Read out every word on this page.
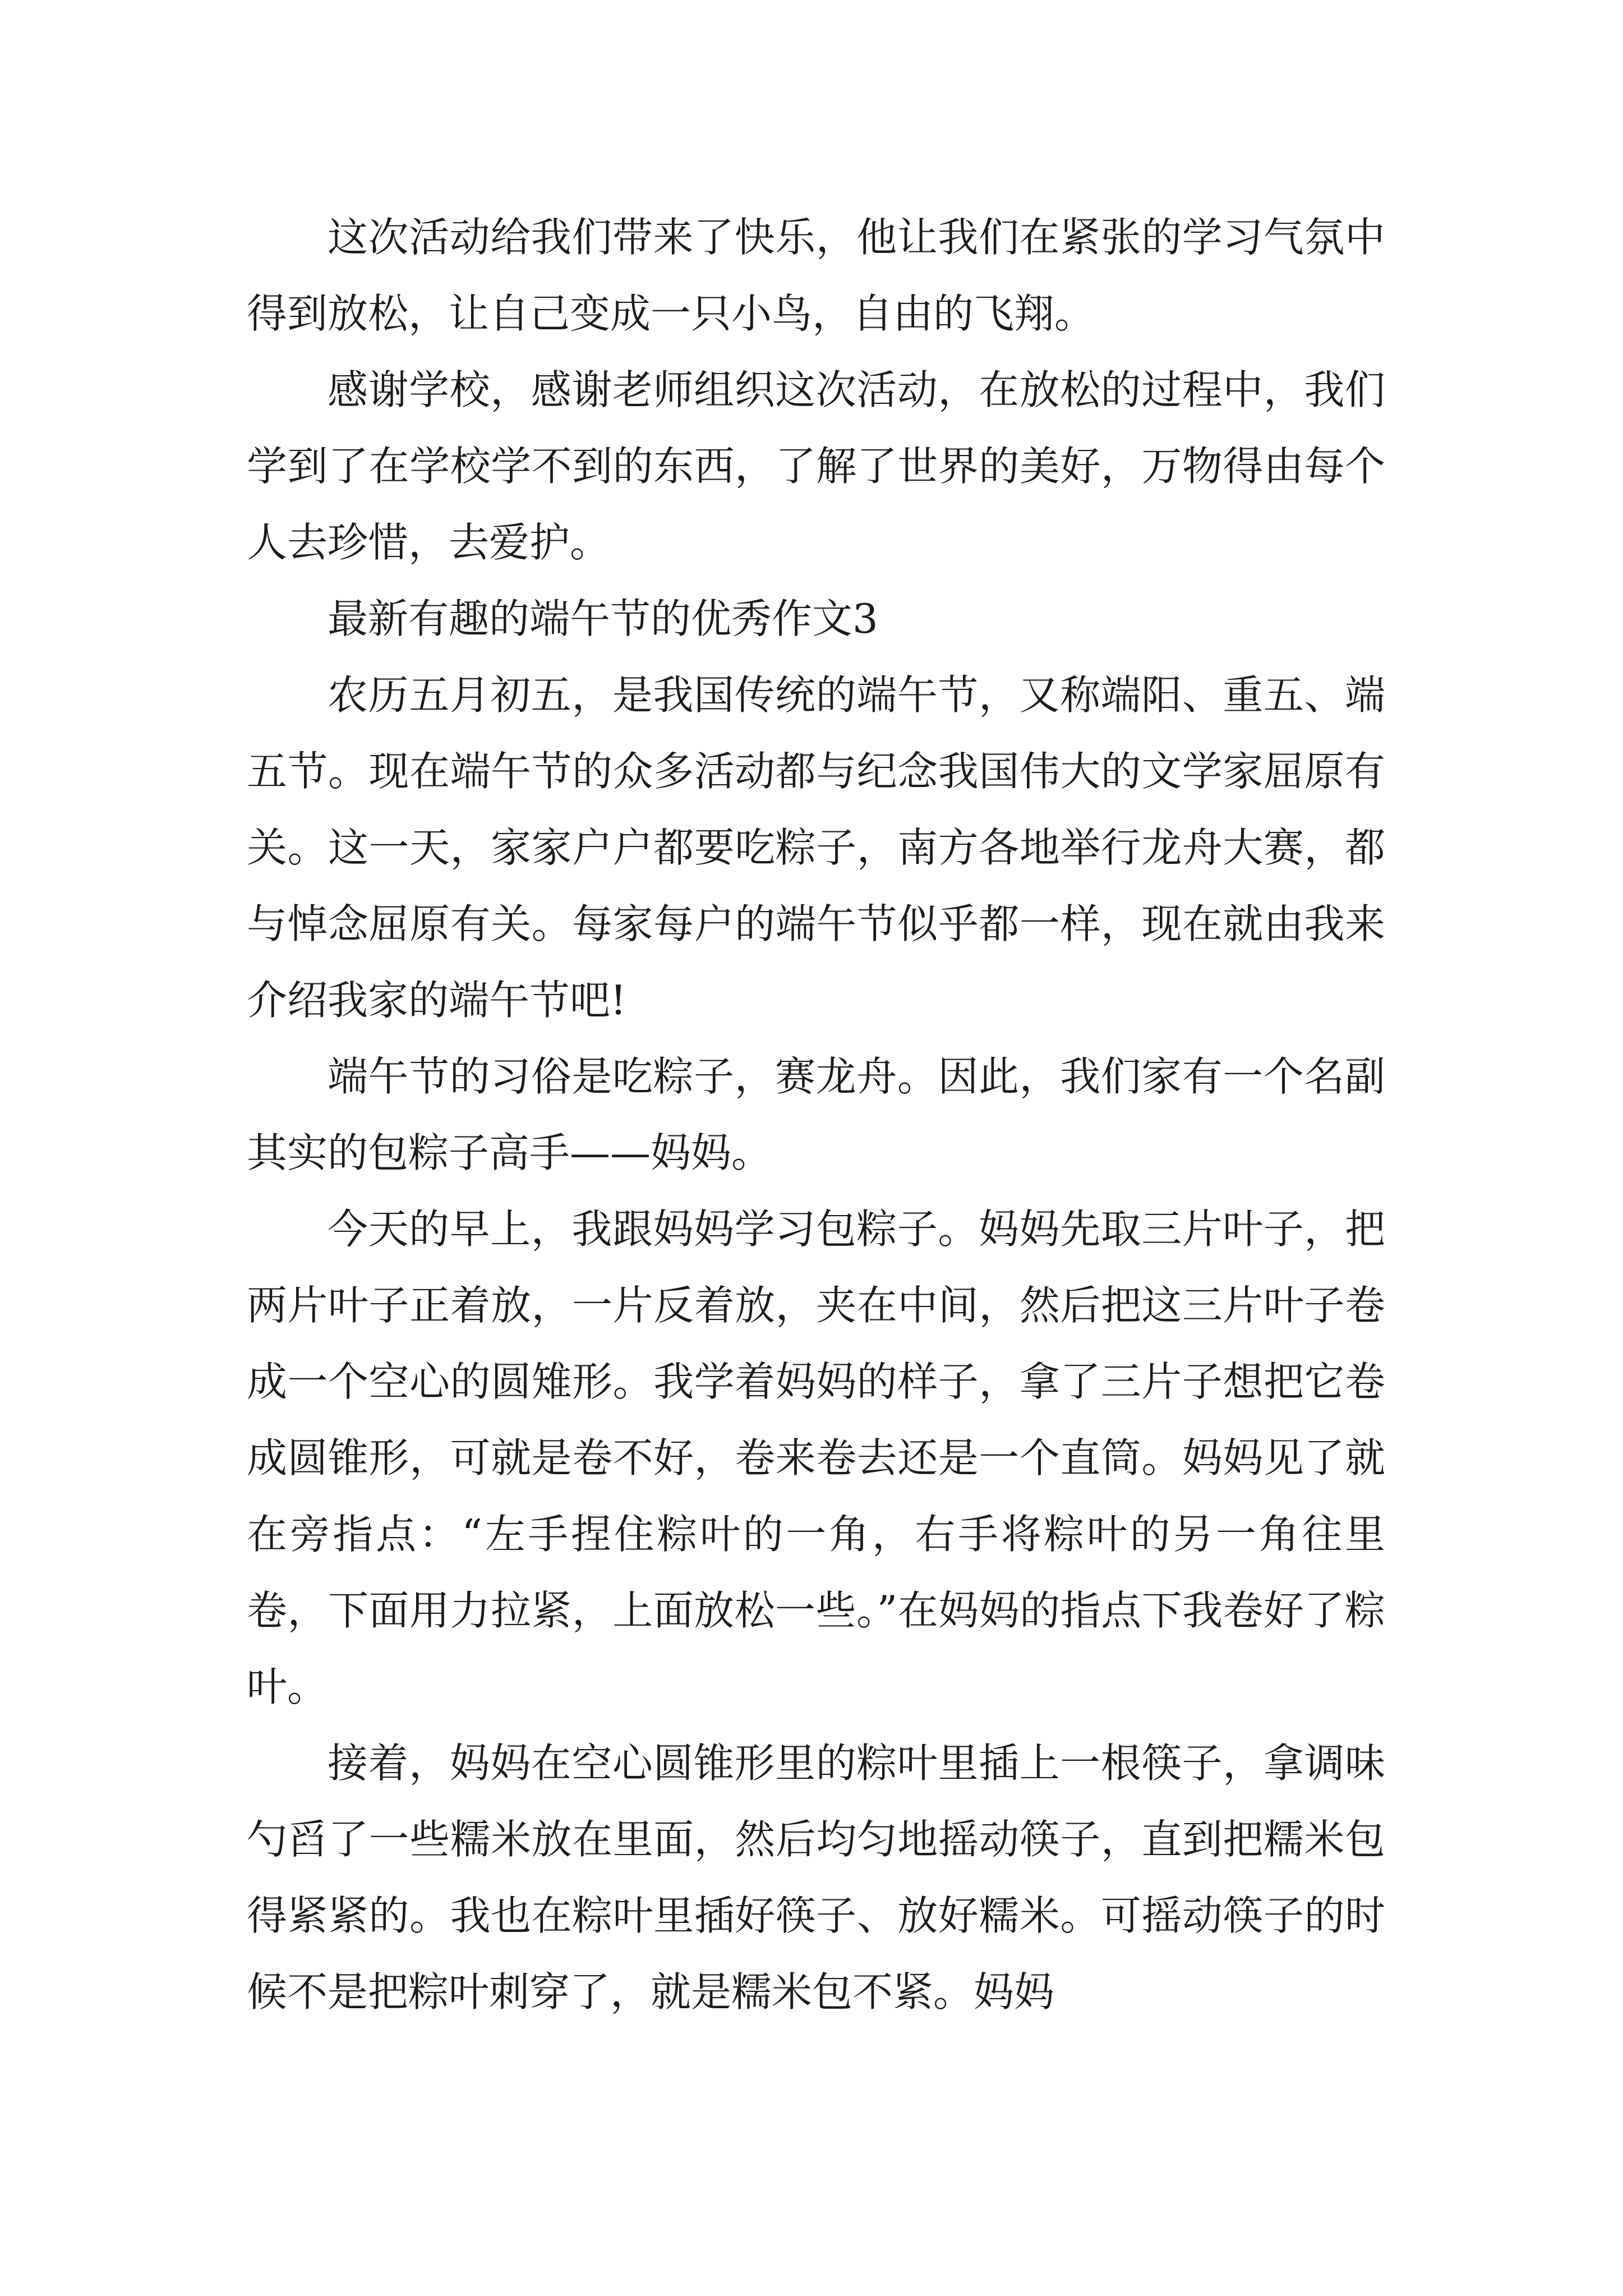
这次活动给我们带来了快乐，他让我们在紧张的学习气氛中得到放松，让自己变成一只小鸟，自由的飞翔。

感谢学校，感谢老师组织这次活动，在放松的过程中，我们学到了在学校学不到的东西，了解了世界的美好，万物得由每个人去珍惜，去爱护。

最新有趣的端午节的优秀作文3

农历五月初五，是我国传统的端午节，又称端阳、重五、端五节。现在端午节的众多活动都与纪念我国伟大的文学家屈原有关。这一天，家家户户都要吃粽子，南方各地举行龙舟大赛，都与悼念屈原有关。每家每户的端午节似乎都一样，现在就由我来介绍我家的端午节吧!

端午节的习俗是吃粽子，赛龙舟。因此，我们家有一个名副其实的包粽子高手——妈妈。

今天的早上，我跟妈妈学习包粽子。妈妈先取三片叶子，把两片叶子正着放，一片反着放，夹在中间，然后把这三片叶子卷成一个空心的圆雉形。我学着妈妈的样子，拿了三片子想把它卷成圆锥形，可就是卷不好，卷来卷去还是一个直筒。妈妈见了就在旁指点：“左手捏住粽叶的一角，右手将粽叶的另一角往里卷，下面用力拉紧，上面放松一些。”在妈妈的指点下我卷好了粽叶。

接着，妈妈在空心圆锥形里的粽叶里插上一根筷子，拿调味勺舀了一些糯米放在里面，然后均匀地摇动筷子，直到把糯米包得紧紧的。我也在粽叶里插好筷子、放好糯米。可摇动筷子的时候不是把粽叶刺穿了，就是糯米包不紧。妈妈
